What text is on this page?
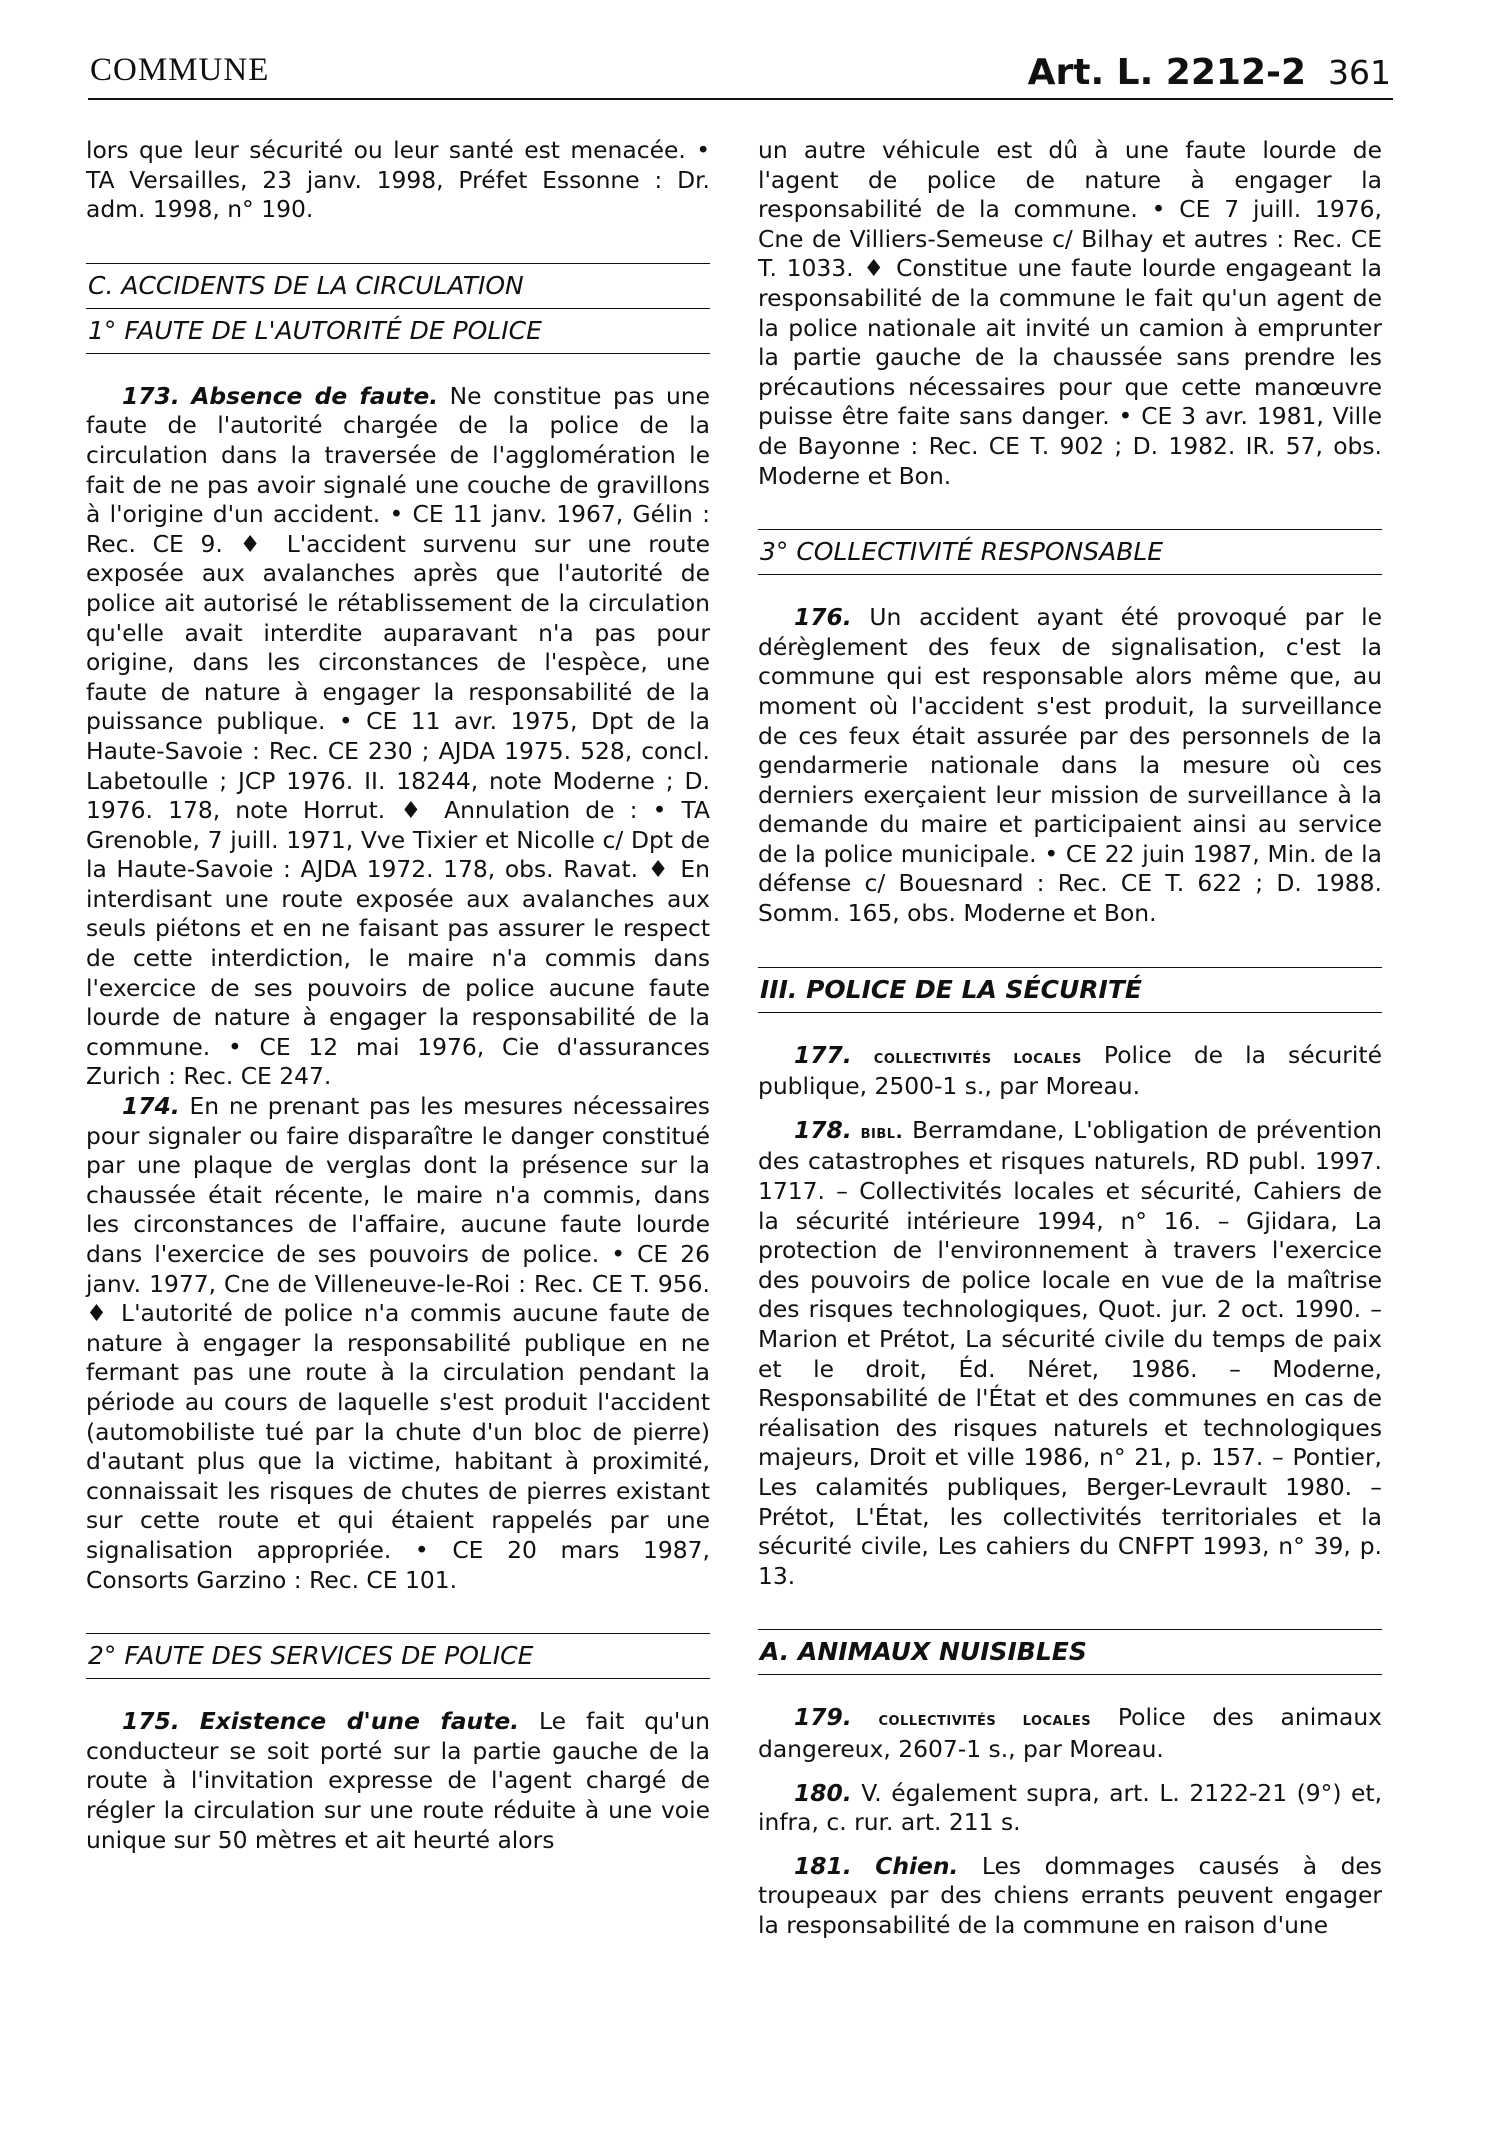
COMMUNE	Art. L. 2212-2 361

lors que leur sécurité ou leur santé est menacée. • TA Versailles, 23 janv. 1998, Préfet Essonne : Dr. adm. 1998, n° 190.

C. ACCIDENTS DE LA CIRCULATION
1° FAUTE DE L'AUTORITÉ DE POLICE

173. Absence de faute. Ne constitue pas une faute de l'autorité chargée de la police de la circulation dans la traversée de l'agglomération le fait de ne pas avoir signalé une couche de gravillons à l'origine d'un accident. • CE 11 janv. 1967, Gélin : Rec. CE 9. ♦ L'accident survenu sur une route exposée aux avalanches après que l'autorité de police ait autorisé le rétablissement de la circulation qu'elle avait interdite auparavant n'a pas pour origine, dans les circonstances de l'espèce, une faute de nature à engager la responsabilité de la puissance publique. • CE 11 avr. 1975, Dpt de la Haute-Savoie : Rec. CE 230 ; AJDA 1975. 528, concl. Labetoulle ; JCP 1976. II. 18244, note Moderne ; D. 1976. 178, note Horrut. ♦ Annulation de : • TA Grenoble, 7 juill. 1971, Vve Tixier et Nicolle c/ Dpt de la Haute-Savoie : AJDA 1972. 178, obs. Ravat. ♦ En interdisant une route exposée aux avalanches aux seuls piétons et en ne faisant pas assurer le respect de cette interdiction, le maire n'a commis dans l'exercice de ses pouvoirs de police aucune faute lourde de nature à engager la responsabilité de la commune. • CE 12 mai 1976, Cie d'assurances Zurich : Rec. CE 247.

174. En ne prenant pas les mesures nécessaires pour signaler ou faire disparaître le danger constitué par une plaque de verglas dont la présence sur la chaussée était récente, le maire n'a commis, dans les circonstances de l'affaire, aucune faute lourde dans l'exercice de ses pouvoirs de police. • CE 26 janv. 1977, Cne de Villeneuve-le-Roi : Rec. CE T. 956. ♦ L'autorité de police n'a commis aucune faute de nature à engager la responsabilité publique en ne fermant pas une route à la circulation pendant la période au cours de laquelle s'est produit l'accident (automobiliste tué par la chute d'un bloc de pierre) d'autant plus que la victime, habitant à proximité, connaissait les risques de chutes de pierres existant sur cette route et qui étaient rappelés par une signalisation appropriée. • CE 20 mars 1987, Consorts Garzino : Rec. CE 101.

2° FAUTE DES SERVICES DE POLICE

175. Existence d'une faute. Le fait qu'un conducteur se soit porté sur la partie gauche de la route à l'invitation expresse de l'agent chargé de régler la circulation sur une route réduite à une voie unique sur 50 mètres et ait heurté alors

un autre véhicule est dû à une faute lourde de l'agent de police de nature à engager la responsabilité de la commune. • CE 7 juill. 1976, Cne de Villiers-Semeuse c/ Bilhay et autres : Rec. CE T. 1033. ♦ Constitue une faute lourde engageant la responsabilité de la commune le fait qu'un agent de la police nationale ait invité un camion à emprunter la partie gauche de la chaussée sans prendre les précautions nécessaires pour que cette manœuvre puisse être faite sans danger. • CE 3 avr. 1981, Ville de Bayonne : Rec. CE T. 902 ; D. 1982. IR. 57, obs. Moderne et Bon.

3° COLLECTIVITÉ RESPONSABLE

176. Un accident ayant été provoqué par le dérèglement des feux de signalisation, c'est la commune qui est responsable alors même que, au moment où l'accident s'est produit, la surveillance de ces feux était assurée par des personnels de la gendarmerie nationale dans la mesure où ces derniers exerçaient leur mission de surveillance à la demande du maire et participaient ainsi au service de la police municipale. • CE 22 juin 1987, Min. de la défense c/ Bouesnard : Rec. CE T. 622 ; D. 1988. Somm. 165, obs. Moderne et Bon.

III. POLICE DE LA SÉCURITÉ

177. collectivités locales Police de la sécurité publique, 2500-1 s., par Moreau.

178. bibl. Berramdane, L'obligation de prévention des catastrophes et risques naturels, RD publ. 1997. 1717. – Collectivités locales et sécurité, Cahiers de la sécurité intérieure 1994, n° 16. – Gjidara, La protection de l'environnement à travers l'exercice des pouvoirs de police locale en vue de la maîtrise des risques technologiques, Quot. jur. 2 oct. 1990. – Marion et Prétot, La sécurité civile du temps de paix et le droit, Éd. Néret, 1986. – Moderne, Responsabilité de l'État et des communes en cas de réalisation des risques naturels et technologiques majeurs, Droit et ville 1986, n° 21, p. 157. – Pontier, Les calamités publiques, Berger-Levrault 1980. – Prétot, L'État, les collectivités territoriales et la sécurité civile, Les cahiers du CNFPT 1993, n° 39, p. 13.

A. ANIMAUX NUISIBLES

179. collectivités locales Police des animaux dangereux, 2607-1 s., par Moreau.

180. V. également supra, art. L. 2122-21 (9°) et, infra, c. rur. art. 211 s.

181. Chien. Les dommages causés à des troupeaux par des chiens errants peuvent engager la responsabilité de la commune en raison d'une
